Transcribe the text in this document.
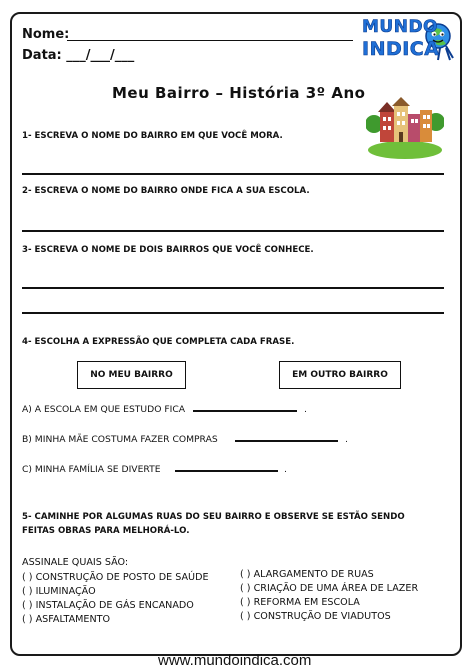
Nome:
Data: ___/___/___
MUNDO
INDICA
Meu Bairro – História 3º Ano
1- ESCREVA O NOME DO BAIRRO EM QUE VOCÊ MORA.
2- ESCREVA O NOME DO BAIRRO ONDE FICA A SUA ESCOLA.
3- ESCREVA O NOME DE DOIS BAIRROS QUE VOCÊ CONHECE.
4- ESCOLHA A EXPRESSÃO QUE COMPLETA CADA FRASE.
NO MEU BAIRRO	EM OUTRO BAIRRO
A) A ESCOLA EM QUE ESTUDO FICA	.
B) MINHA MÃE COSTUMA FAZER COMPRAS	.
C) MINHA FAMÍLIA SE DIVERTE	.
5- CAMINHE POR ALGUMAS RUAS DO SEU BAIRRO E OBSERVE SE ESTÃO SENDO
FEITAS OBRAS PARA MELHORÁ-LO.
ASSINALE QUAIS SÃO:
( ) CONSTRUÇÃO DE POSTO DE SAÚDE
( ) ILUMINAÇÃO
( ) INSTALAÇÃO DE GÁS ENCANADO
( ) ASFALTAMENTO
( ) ALARGAMENTO DE RUAS
( ) CRIAÇÃO DE UMA ÁREA DE LAZER
( ) REFORMA EM ESCOLA
( ) CONSTRUÇÃO DE VIADUTOS
www.mundoindica.com
